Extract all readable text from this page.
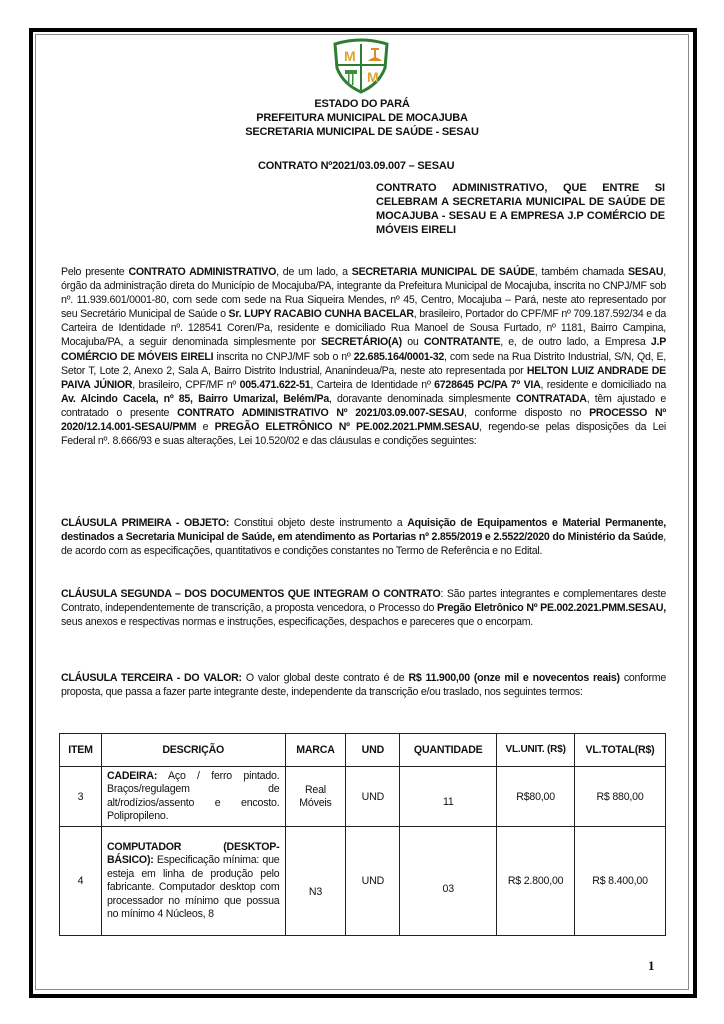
M
M
ESTADO DO PARÁ
PREFEITURA MUNICIPAL DE MOCAJUBA
SECRETARIA MUNICIPAL DE SAÚDE - SESAU
CONTRATO Nº2021/03.09.007 – SESAU
CONTRATO ADMINISTRATIVO, QUE ENTRE SI CELEBRAM A SECRETARIA MUNICIPAL DE SAÚDE DE MOCAJUBA - SESAU E A EMPRESA J.P COMÉRCIO DE MÓVEIS EIRELI
Pelo presente CONTRATO ADMINISTRATIVO, de um lado, a SECRETARIA MUNICIPAL DE SAÚDE, também chamada SESAU, órgão da administração direta do Município de Mocajuba/PA, integrante da Prefeitura Municipal de Mocajuba, inscrita no CNPJ/MF sob nº. 11.939.601/0001-80, com sede com sede na Rua Siqueira Mendes, nº 45, Centro, Mocajuba – Pará, neste ato representado por seu Secretário Municipal de Saúde o Sr. LUPY RACABIO CUNHA BACELAR, brasileiro, Portador do CPF/MF nº 709.187.592/34 e da Carteira de Identidade nº. 128541 Coren/Pa, residente e domiciliado Rua Manoel de Sousa Furtado, nº 1181, Bairro Campina, Mocajuba/PA, a seguir denominada simplesmente por SECRETÁRIO(A) ou CONTRATANTE, e, de outro lado, a Empresa J.P COMÉRCIO DE MÓVEIS EIRELI inscrita no CNPJ/MF sob o nº 22.685.164/0001-32, com sede na Rua Distrito Industrial, S/N, Qd, E, Setor T, Lote 2, Anexo 2, Sala A, Bairro Distrito Industrial, Ananindeua/Pa, neste ato representada por HELTON LUIZ ANDRADE DE PAIVA JÚNIOR, brasileiro, CPF/MF nº 005.471.622-51, Carteira de Identidade nº 6728645 PC/PA 7º VIA, residente e domiciliado na Av. Alcindo Cacela, nº 85, Bairro Umarizal, Belém/Pa, doravante denominada simplesmente CONTRATADA, têm ajustado e contratado o presente CONTRATO ADMINISTRATIVO Nº 2021/03.09.007-SESAU, conforme disposto no PROCESSO Nº 2020/12.14.001-SESAU/PMM e PREGÃO ELETRÔNICO Nº PE.002.2021.PMM.SESAU, regendo-se pelas disposições da Lei Federal nº. 8.666/93 e suas alterações, Lei 10.520/02 e das cláusulas e condições seguintes:
CLÁUSULA PRIMEIRA - OBJETO: Constitui objeto deste instrumento a Aquisição de Equipamentos e Material Permanente, destinados a Secretaria Municipal de Saúde, em atendimento as Portarias nº 2.855/2019 e 2.5522/2020 do Ministério da Saúde, de acordo com as especificações, quantitativos e condições constantes no Termo de Referência e no Edital.
CLÁUSULA SEGUNDA – DOS DOCUMENTOS QUE INTEGRAM O CONTRATO: São partes integrantes e complementares deste Contrato, independentemente de transcrição, a proposta vencedora, o Processo do Pregão Eletrônico Nº PE.002.2021.PMM.SESAU, seus anexos e respectivas normas e instruções, especificações, despachos e pareceres que o encorpam.
CLÁUSULA TERCEIRA - DO VALOR: O valor global deste contrato é de R$ 11.900,00 (onze mil e novecentos reais) conforme proposta, que passa a fazer parte integrante deste, independente da transcrição e/ou traslado, nos seguintes termos:
ITEM	DESCRIÇÃO	MARCA	UND	QUANTIDADE	VL.UNIT. (R$)	VL.TOTAL(R$)
3	CADEIRA: Aço / ferro pintado. Braços/regulagem de alt/rodízios/assento e encosto. Polipropileno.	Real Móveis	UND	11	R$80,00	R$ 880,00
4	COMPUTADOR (DESKTOP-BÁSICO): Especificação mínima: que esteja em linha de produção pelo fabricante. Computador desktop com processador no mínimo que possua no mínimo 4 Núcleos, 8	N3	UND	03	R$ 2.800,00	R$ 8.400,00
1
